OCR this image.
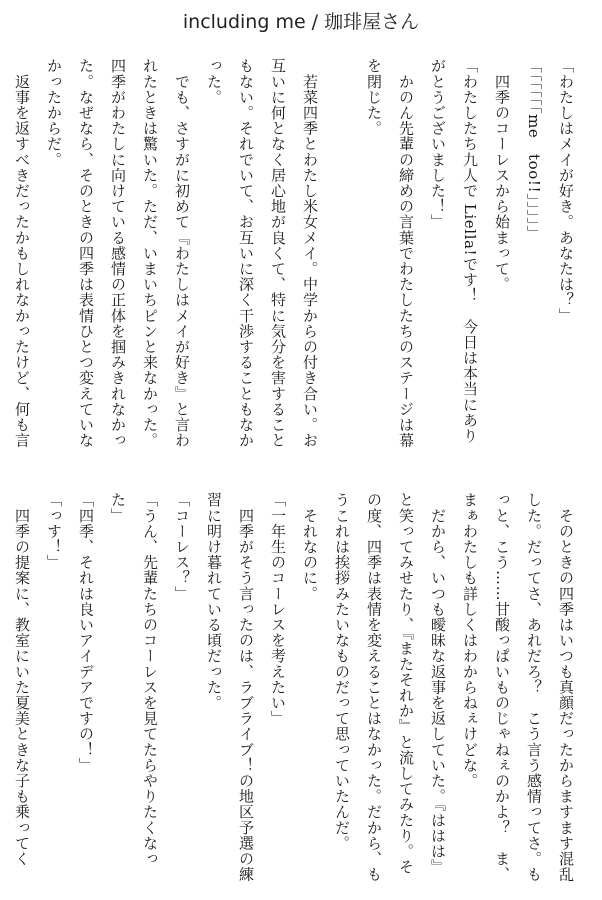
including me / 珈琲屋さん

「わたしはメイが好き。あなたは？」

「「「「「「me　too!!」」」」」

　四季のコーレスから始まって。

「わたしたち九人で Liella!です！　今日は本当にありがとうございました！」

　かのん先輩の締めの言葉でわたしたちのステージは幕を閉じた。

　若菜四季とわたし米女メイ。中学からの付き合い。お互いに何となく居心地が良くて、特に気分を害することもない。それでいて、お互いに深く干渉することもなかった。

　でも、さすがに初めて『わたしはメイが好き』と言われたときは驚いた。ただ、いまいちピンと来なかった。四季がわたしに向けている感情の正体を掴みきれなかった。なぜなら、そのときの四季は表情ひとつ変えていなかったからだ。

　返事を返すべきだったかもしれなかったけど、何も言

　そのときの四季はいつも真顔だったからますます混乱した。だってさ、あれだろ？　こう言う感情ってさ。もっと、こう……甘酸っぱいものじゃねぇのかよ？　ま、まぁわたしも詳しくはわからねぇけどな。

　だから、いつも曖昧な返事を返していた。『ははは』と笑ってみせたり、『またそれか』と流してみたり。その度、四季は表情を変えることはなかった。だから、もうこれは挨拶みたいなものだって思っていたんだ。

　それなのに。

「一年生のコーレスを考えたい」

　四季がそう言ったのは、ラブライブ！の地区予選の練習に明け暮れている頃だった。

「コーレス？」

「うん、先輩たちのコーレスを見てたらやりたくなった」

「四季、それは良いアイデアですの！」

「っす！」

　四季の提案に、教室にいた夏美ときな子も乗ってく
